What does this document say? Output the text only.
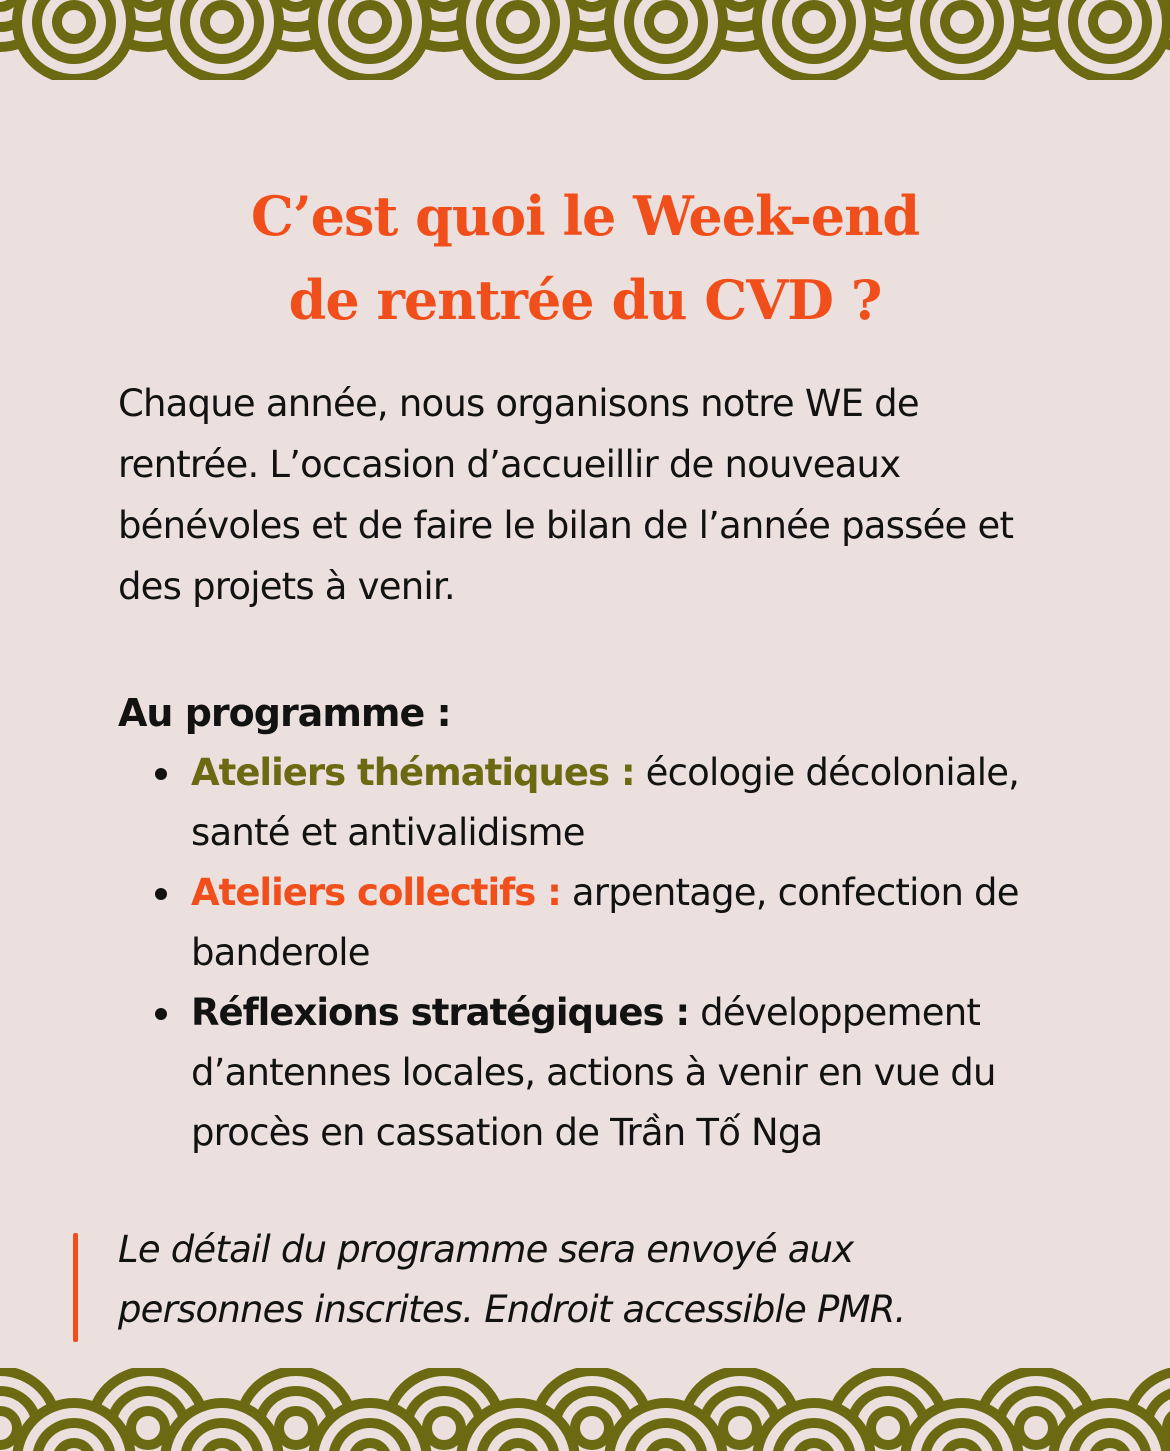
C’est quoi le Week-end
de rentrée du CVD ?

Chaque année, nous organisons notre WE de rentrée. L’occasion d’accueillir de nouveaux bénévoles et de faire le bilan de l’année passée et des projets à venir.

Au programme :

Ateliers thématiques : écologie décoloniale, santé et antivalidisme
Ateliers collectifs : arpentage, confection de banderole
Réflexions stratégiques : développement d’antennes locales, actions à venir en vue du procès en cassation de Trần Tố Nga

Le détail du programme sera envoyé aux personnes inscrites. Endroit accessible PMR.
